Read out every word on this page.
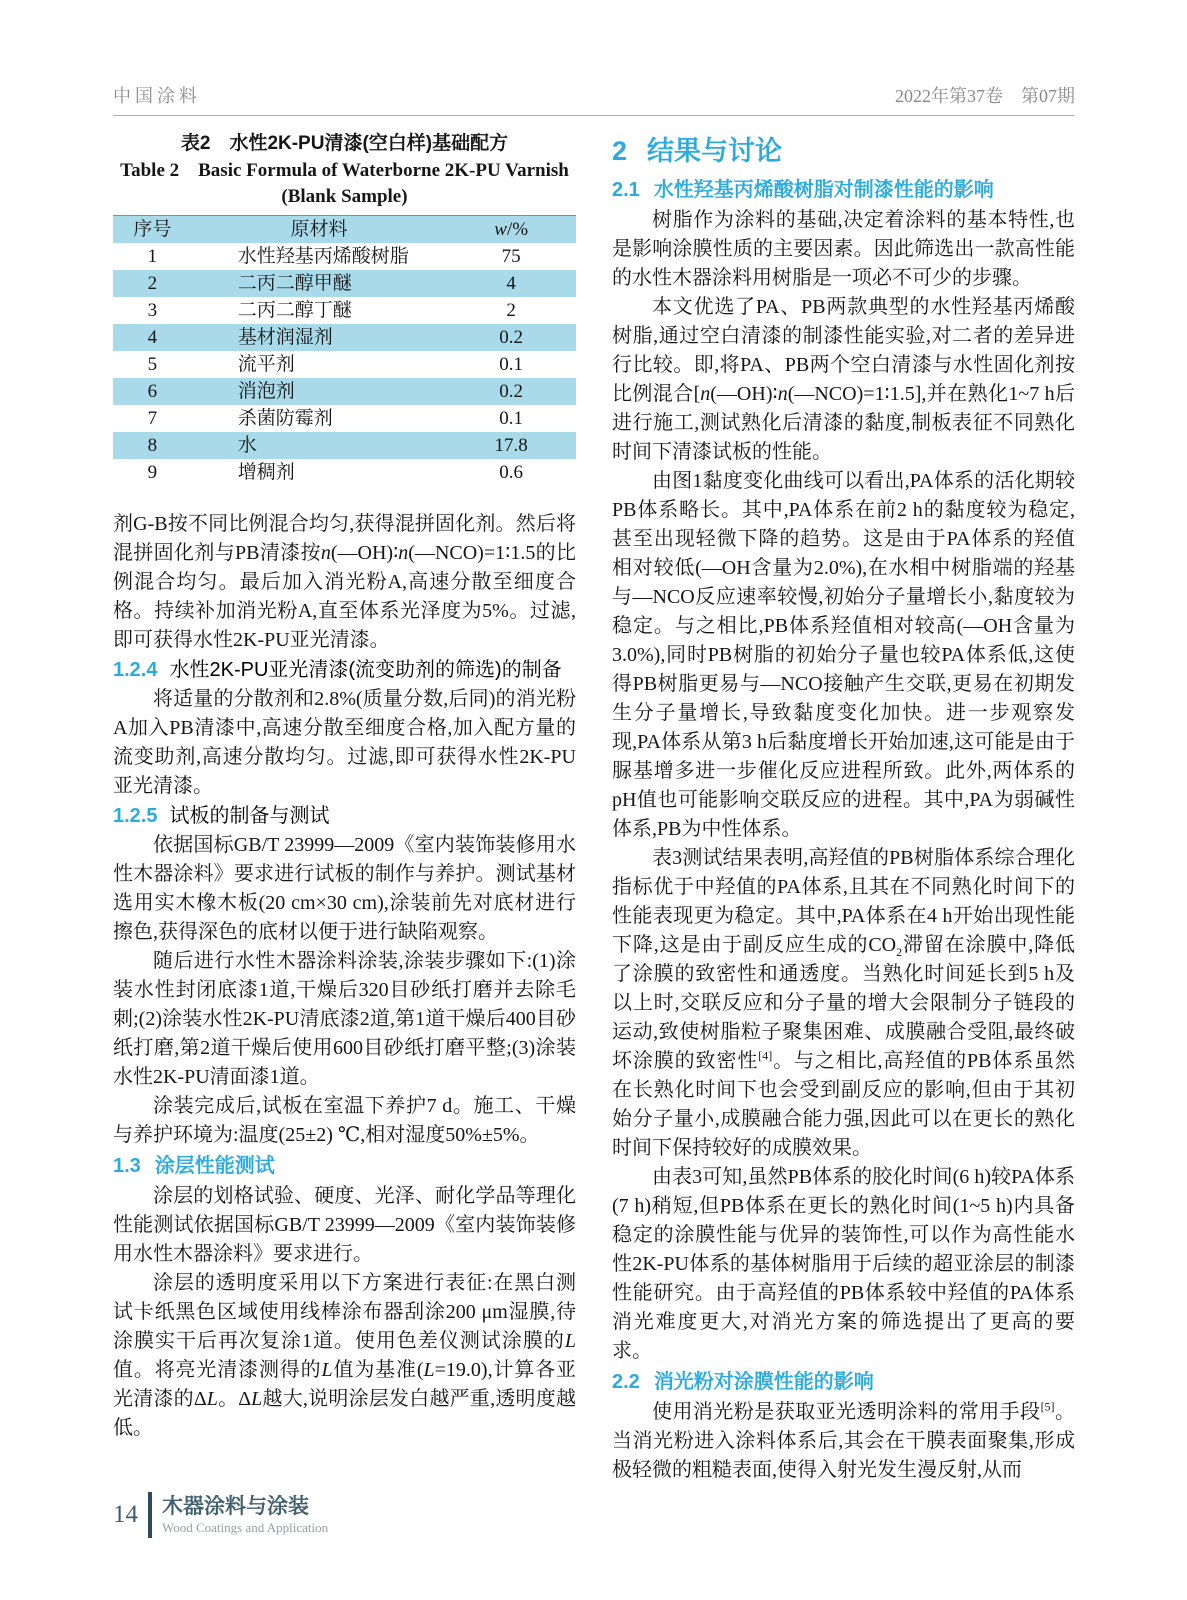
中国涂料	2022年第37卷　第07期
表2　水性2K-PU清漆(空白样)基础配方
Table 2　Basic Formula of Waterborne 2K-PU Varnish
(Blank Sample)
序号	原材料	w/%
1	水性羟基丙烯酸树脂	75
2	二丙二醇甲醚	4
3	二丙二醇丁醚	2
4	基材润湿剂	0.2
5	流平剂	0.1
6	消泡剂	0.2
7	杀菌防霉剂	0.1
8	水	17.8
9	增稠剂	0.6

剂G-B按不同比例混合均匀,获得混拼固化剂。然后将混拼固化剂与PB清漆按n(—OH)∶n(—NCO)=1∶1.5的比例混合均匀。最后加入消光粉A,高速分散至细度合格。持续补加消光粉A,直至体系光泽度为5%。过滤,即可获得水性2K-PU亚光清漆。

1.2.4 水性2K-PU亚光清漆(流变助剂的筛选)的制备

将适量的分散剂和2.8%(质量分数,后同)的消光粉A加入PB清漆中,高速分散至细度合格,加入配方量的流变助剂,高速分散均匀。过滤,即可获得水性2K-PU亚光清漆。

1.2.5 试板的制备与测试

依据国标GB/T 23999—2009《室内装饰装修用水性木器涂料》要求进行试板的制作与养护。测试基材选用实木橡木板(20 cm×30 cm),涂装前先对底材进行擦色,获得深色的底材以便于进行缺陷观察。

随后进行水性木器涂料涂装,涂装步骤如下:(1)涂装水性封闭底漆1道,干燥后320目砂纸打磨并去除毛刺;(2)涂装水性2K-PU清底漆2道,第1道干燥后400目砂纸打磨,第2道干燥后使用600目砂纸打磨平整;(3)涂装水性2K-PU清面漆1道。

涂装完成后,试板在室温下养护7 d。施工、干燥与养护环境为:温度(25±2) ℃,相对湿度50%±5%。

1.3 涂层性能测试

涂层的划格试验、硬度、光泽、耐化学品等理化性能测试依据国标GB/T 23999—2009《室内装饰装修用水性木器涂料》要求进行。

涂层的透明度采用以下方案进行表征:在黑白测试卡纸黑色区域使用线棒涂布器刮涂200 μm湿膜,待涂膜实干后再次复涂1道。使用色差仪测试涂膜的L值。将亮光清漆测得的L值为基准(L=19.0),计算各亚光清漆的ΔL。ΔL越大,说明涂层发白越严重,透明度越低。

2 结果与讨论
2.1 水性羟基丙烯酸树脂对制漆性能的影响

树脂作为涂料的基础,决定着涂料的基本特性,也是影响涂膜性质的主要因素。因此筛选出一款高性能的水性木器涂料用树脂是一项必不可少的步骤。

本文优选了PA、PB两款典型的水性羟基丙烯酸树脂,通过空白清漆的制漆性能实验,对二者的差异进行比较。即,将PA、PB两个空白清漆与水性固化剂按比例混合[n(—OH)∶n(—NCO)=1∶1.5],并在熟化1~7 h后进行施工,测试熟化后清漆的黏度,制板表征不同熟化时间下清漆试板的性能。

由图1黏度变化曲线可以看出,PA体系的活化期较PB体系略长。其中,PA体系在前2 h的黏度较为稳定,甚至出现轻微下降的趋势。这是由于PA体系的羟值相对较低(—OH含量为2.0%),在水相中树脂端的羟基与—NCO反应速率较慢,初始分子量增长小,黏度较为稳定。与之相比,PB体系羟值相对较高(—OH含量为3.0%),同时PB树脂的初始分子量也较PA体系低,这使得PB树脂更易与—NCO接触产生交联,更易在初期发生分子量增长,导致黏度变化加快。进一步观察发现,PA体系从第3 h后黏度增长开始加速,这可能是由于脲基增多进一步催化反应进程所致。此外,两体系的pH值也可能影响交联反应的进程。其中,PA为弱碱性体系,PB为中性体系。

表3测试结果表明,高羟值的PB树脂体系综合理化指标优于中羟值的PA体系,且其在不同熟化时间下的性能表现更为稳定。其中,PA体系在4 h开始出现性能下降,这是由于副反应生成的$CO_2$滞留在涂膜中,降低了涂膜的致密性和通透度。当熟化时间延长到5 h及以上时,交联反应和分子量的增大会限制分子链段的运动,致使树脂粒子聚集困难、成膜融合受阻,最终破坏涂膜的致密性[4]。与之相比,高羟值的PB体系虽然在长熟化时间下也会受到副反应的影响,但由于其初始分子量小,成膜融合能力强,因此可以在更长的熟化时间下保持较好的成膜效果。

由表3可知,虽然PB体系的胶化时间(6 h)较PA体系(7 h)稍短,但PB体系在更长的熟化时间(1~5 h)内具备稳定的涂膜性能与优异的装饰性,可以作为高性能水性2K-PU体系的基体树脂用于后续的超亚涂层的制漆性能研究。由于高羟值的PB体系较中羟值的PA体系消光难度更大,对消光方案的筛选提出了更高的要求。

2.2 消光粉对涂膜性能的影响

使用消光粉是获取亚光透明涂料的常用手段[5]。当消光粉进入涂料体系后,其会在干膜表面聚集,形成极轻微的粗糙表面,使得入射光发生漫反射,从而

14 木器涂料与涂装
Wood Coatings and Application
